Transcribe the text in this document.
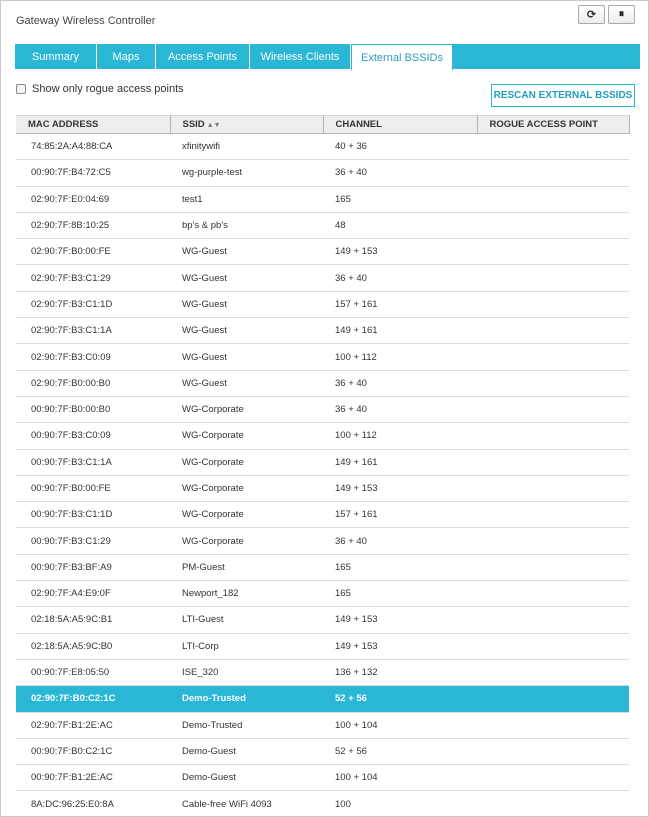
Gateway Wireless Controller	⟳	⏸
Summary	Maps	Access Points	Wireless Clients	External BSSIDs
Show only rogue access points
RESCAN EXTERNAL BSSIDS
MAC ADDRESS	SSID ▲▼	CHANNEL	ROGUE ACCESS POINT
74:85:2A:A4:88:CA	xfinitywifi	40 + 36	
00:90:7F:B4:72:C5	wg-purple-test	36 + 40	
02:90:7F:E0:04:69	test1	165	
02:90:7F:8B:10:25	bp's & pb's	48	
02:90:7F:B0:00:FE	WG-Guest	149 + 153	
02:90:7F:B3:C1:29	WG-Guest	36 + 40	
02:90:7F:B3:C1:1D	WG-Guest	157 + 161	
02:90:7F:B3:C1:1A	WG-Guest	149 + 161	
02:90:7F:B3:C0:09	WG-Guest	100 + 112	
02:90:7F:B0:00:B0	WG-Guest	36 + 40	
00:90:7F:B0:00:B0	WG-Corporate	36 + 40	
00:90:7F:B3:C0:09	WG-Corporate	100 + 112	
00:90:7F:B3:C1:1A	WG-Corporate	149 + 161	
00:90:7F:B0:00:FE	WG-Corporate	149 + 153	
00:90:7F:B3:C1:1D	WG-Corporate	157 + 161	
00:90:7F:B3:C1:29	WG-Corporate	36 + 40	
00:90:7F:B3:BF:A9	PM-Guest	165	
02:90:7F:A4:E9:0F	Newport_182	165	
02:18:5A:A5:9C:B1	LTI-Guest	149 + 153	
02:18:5A:A5:9C:B0	LTI-Corp	149 + 153	
00:90:7F:E8:05:50	ISE_320	136 + 132	
02:90:7F:B0:C2:1C	Demo-Trusted	52 + 56	
02:90:7F:B1:2E:AC	Demo-Trusted	100 + 104	
00:90:7F:B0:C2:1C	Demo-Guest	52 + 56	
00:90:7F:B1:2E:AC	Demo-Guest	100 + 104	
8A:DC:96:25:E0:8A	Cable-free WiFi 4093	100	
